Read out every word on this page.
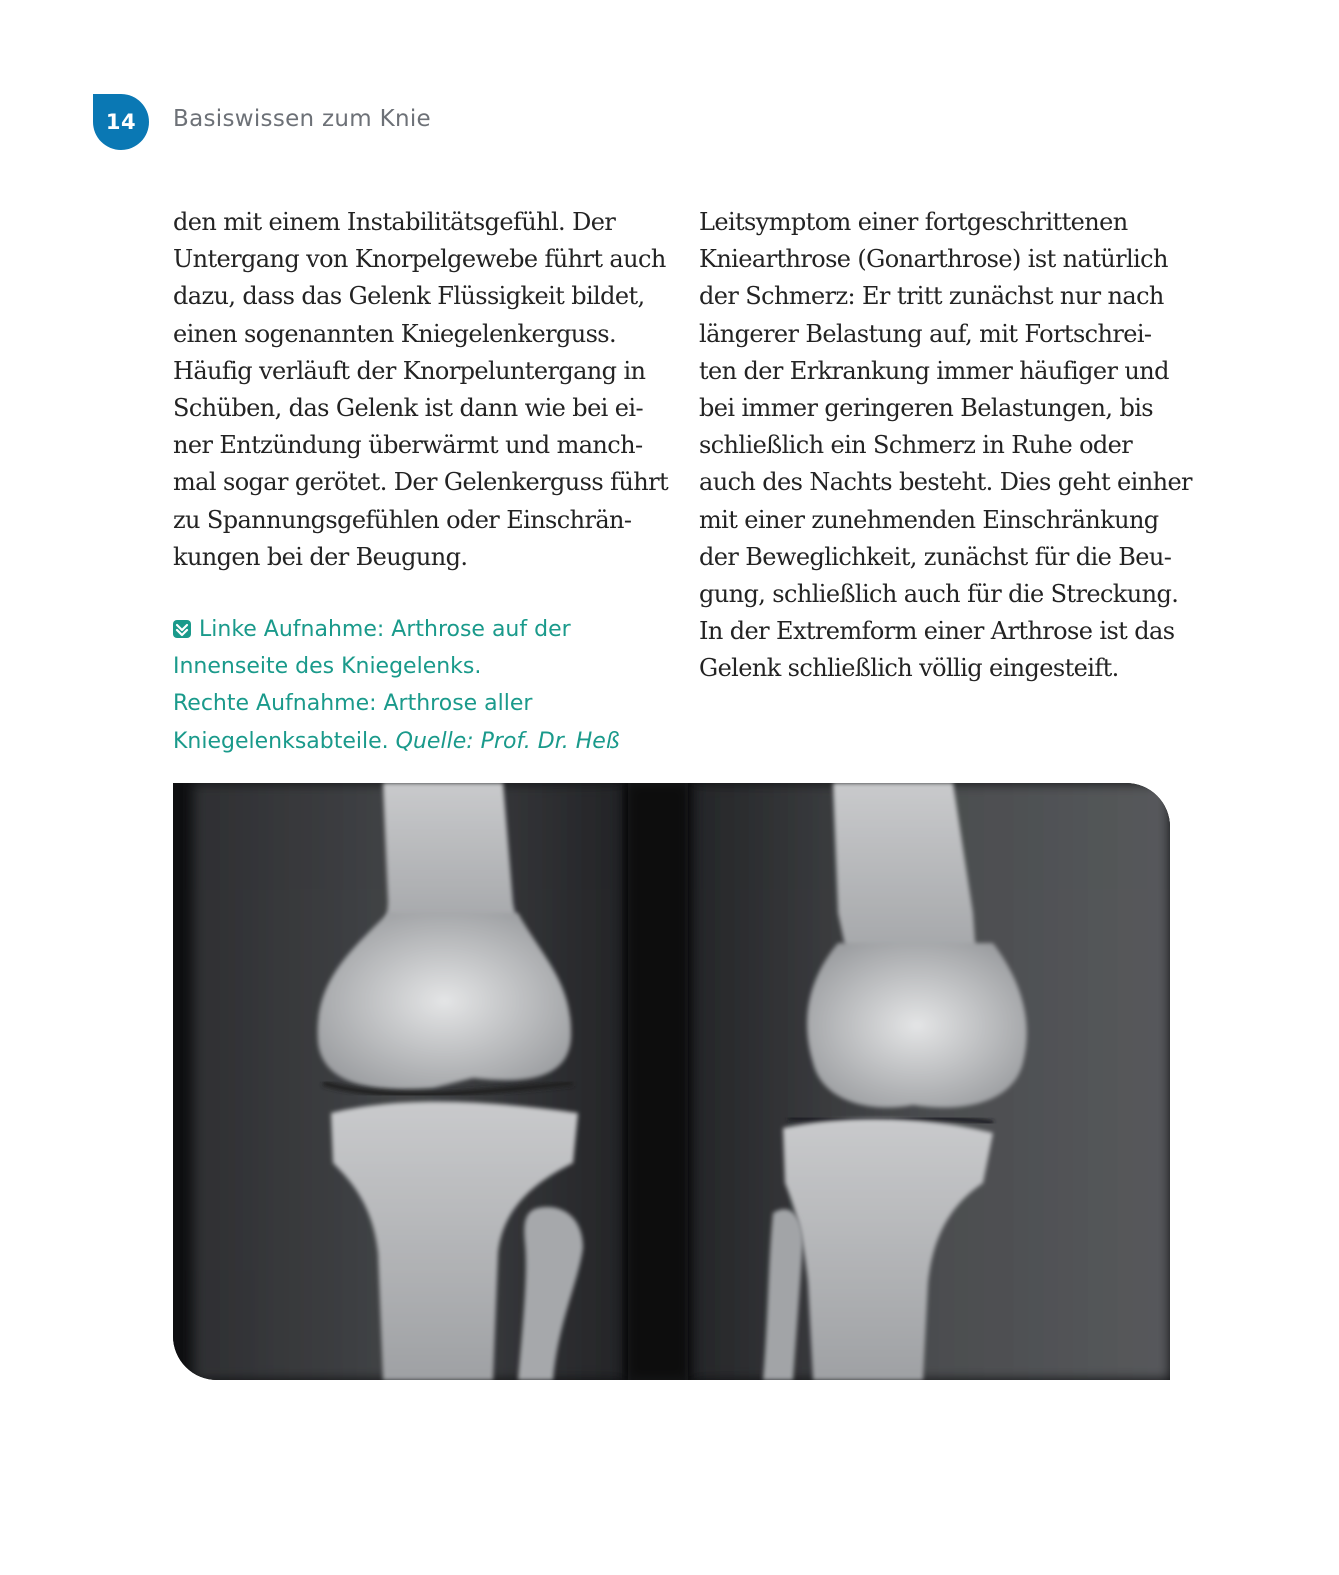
14 Basiswissen zum Knie

den mit einem Instabilitätsgefühl. Der
Untergang von Knorpelgewebe führt auch
dazu, dass das Gelenk Flüssigkeit bildet,
einen sogenannten Kniegelenkerguss.
Häufig verläuft der Knorpeluntergang in
Schüben, das Gelenk ist dann wie bei ei-
ner Entzündung überwärmt und manch-
mal sogar gerötet. Der Gelenkerguss führt
zu Spannungsgefühlen oder Einschrän-
kungen bei der Beugung.

Leitsymptom einer fortgeschrittenen
Kniearthrose (Gonarthrose) ist natürlich
der Schmerz: Er tritt zunächst nur nach
längerer Belastung auf, mit Fortschrei-
ten der Erkrankung immer häufiger und
bei immer geringeren Belastungen, bis
schließlich ein Schmerz in Ruhe oder
auch des Nachts besteht. Dies geht einher
mit einer zunehmenden Einschränkung
der Beweglichkeit, zunächst für die Beu-
gung, schließlich auch für die Streckung.
In der Extremform einer Arthrose ist das
Gelenk schließlich völlig eingesteift.

Linke Aufnahme: Arthrose auf der
Innenseite des Kniegelenks.
Rechte Aufnahme: Arthrose aller
Kniegelenksabteile. Quelle: Prof. Dr. Heß
